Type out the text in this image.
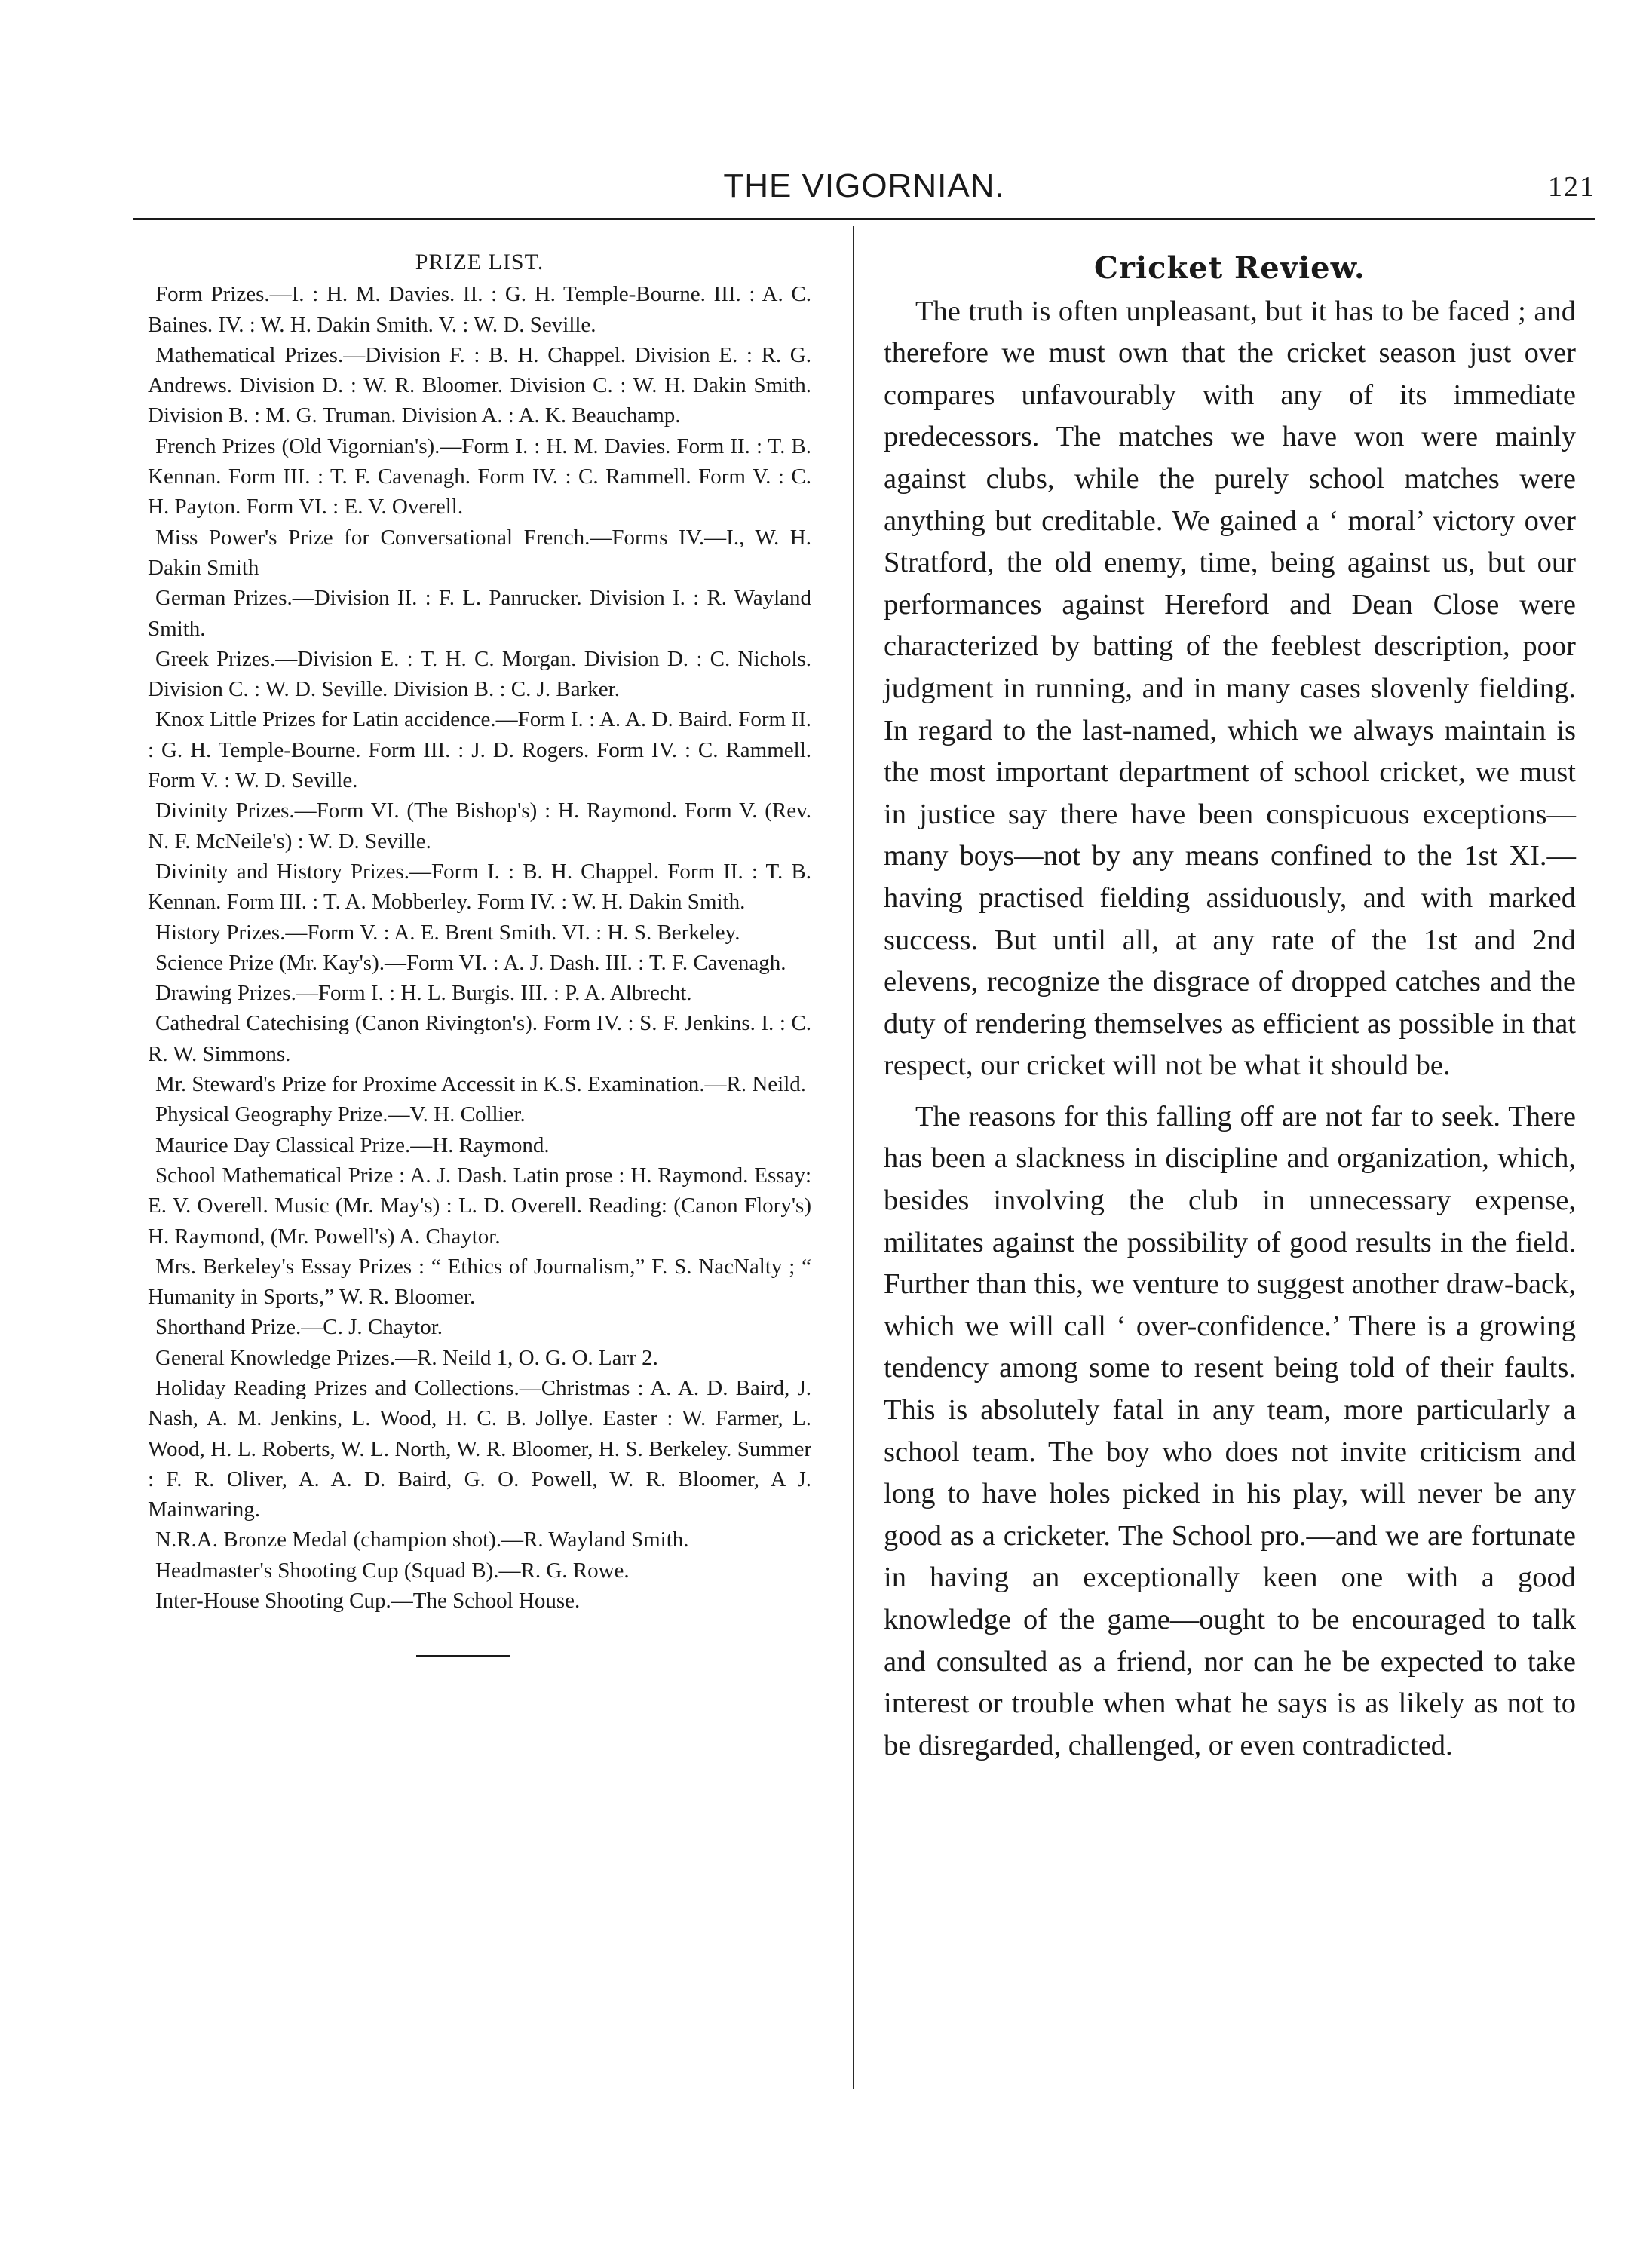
THE VIGORNIAN.	121

PRIZE LIST.

Form Prizes.—I. : H. M. Davies. II. : G. H. Temple-Bourne. III. : A. C. Baines. IV. : W. H. Dakin Smith. V. : W. D. Seville.

Mathematical Prizes.—Division F. : B. H. Chappel. Division E. : R. G. Andrews. Division D. : W. R. Bloomer. Division C. : W. H. Dakin Smith. Division B. : M. G. Truman. Division A. : A. K. Beauchamp.

French Prizes (Old Vigornian's).—Form I. : H. M. Davies. Form II. : T. B. Kennan. Form III. : T. F. Cavenagh. Form IV. : C. Rammell. Form V. : C. H. Payton. Form VI. : E. V. Overell.

Miss Power's Prize for Conversational French.—Forms IV.—I., W. H. Dakin Smith

German Prizes.—Division II. : F. L. Panrucker. Division I. : R. Wayland Smith.

Greek Prizes.—Division E. : T. H. C. Morgan. Division D. : C. Nichols. Division C. : W. D. Seville. Division B. : C. J. Barker.

Knox Little Prizes for Latin accidence.—Form I. : A. A. D. Baird. Form II. : G. H. Temple-Bourne. Form III. : J. D. Rogers. Form IV. : C. Rammell. Form V. : W. D. Seville.

Divinity Prizes.—Form VI. (The Bishop's) : H. Raymond. Form V. (Rev. N. F. McNeile's) : W. D. Seville.

Divinity and History Prizes.—Form I. : B. H. Chappel. Form II. : T. B. Kennan. Form III. : T. A. Mobberley. Form IV. : W. H. Dakin Smith.

History Prizes.—Form V. : A. E. Brent Smith. VI. : H. S. Berkeley.

Science Prize (Mr. Kay's).—Form VI. : A. J. Dash. III. : T. F. Cavenagh.

Drawing Prizes.—Form I. : H. L. Burgis. III. : P. A. Albrecht.

Cathedral Catechising (Canon Rivington's). Form IV. : S. F. Jenkins. I. : C. R. W. Simmons.

Mr. Steward's Prize for Proxime Accessit in K.S. Examination.—R. Neild.

Physical Geography Prize.—V. H. Collier.

Maurice Day Classical Prize.—H. Raymond.

School Mathematical Prize : A. J. Dash. Latin prose : H. Raymond. Essay: E. V. Overell. Music (Mr. May's) : L. D. Overell. Reading: (Canon Flory's) H. Raymond, (Mr. Powell's) A. Chaytor.

Mrs. Berkeley's Essay Prizes : “ Ethics of Journalism,” F. S. NacNalty ; “ Humanity in Sports,” W. R. Bloomer.

Shorthand Prize.—C. J. Chaytor.

General Knowledge Prizes.—R. Neild 1, O. G. O. Larr 2.

Holiday Reading Prizes and Collections.—Christmas : A. A. D. Baird, J. Nash, A. M. Jenkins, L. Wood, H. C. B. Jollye. Easter : W. Farmer, L. Wood, H. L. Roberts, W. L. North, W. R. Bloomer, H. S. Berkeley. Summer : F. R. Oliver, A. A. D. Baird, G. O. Powell, W. R. Bloomer, A J. Mainwaring.

N.R.A. Bronze Medal (champion shot).—R. Wayland Smith.

Headmaster's Shooting Cup (Squad B).—R. G. Rowe.

Inter-House Shooting Cup.—The School House.

Cricket Review.

The truth is often unpleasant, but it has to be faced ; and therefore we must own that the cricket season just over compares unfavourably with any of its immediate predecessors. The matches we have won were mainly against clubs, while the purely school matches were anything but creditable. We gained a ‘ moral’ victory over Stratford, the old enemy, time, being against us, but our performances against Hereford and Dean Close were characterized by batting of the feeblest description, poor judgment in running, and in many cases slovenly fielding. In regard to the last-named, which we always maintain is the most important department of school cricket, we must in justice say there have been conspicuous exceptions—many boys—not by any means confined to the 1st XI.—having practised fielding assiduously, and with marked success. But until all, at any rate of the 1st and 2nd elevens, recognize the disgrace of dropped catches and the duty of rendering themselves as efficient as possible in that respect, our cricket will not be what it should be.

The reasons for this falling off are not far to seek. There has been a slackness in discipline and organization, which, besides involving the club in unnecessary expense, militates against the possibility of good results in the field. Further than this, we venture to suggest another draw-back, which we will call ‘ over-confidence.’ There is a growing tendency among some to resent being told of their faults. This is absolutely fatal in any team, more particularly a school team. The boy who does not invite criticism and long to have holes picked in his play, will never be any good as a cricketer. The School pro.—and we are fortunate in having an exceptionally keen one with a good knowledge of the game—ought to be encouraged to talk and consulted as a friend, nor can he be expected to take interest or trouble when what he says is as likely as not to be disregarded, challenged, or even contradicted.
